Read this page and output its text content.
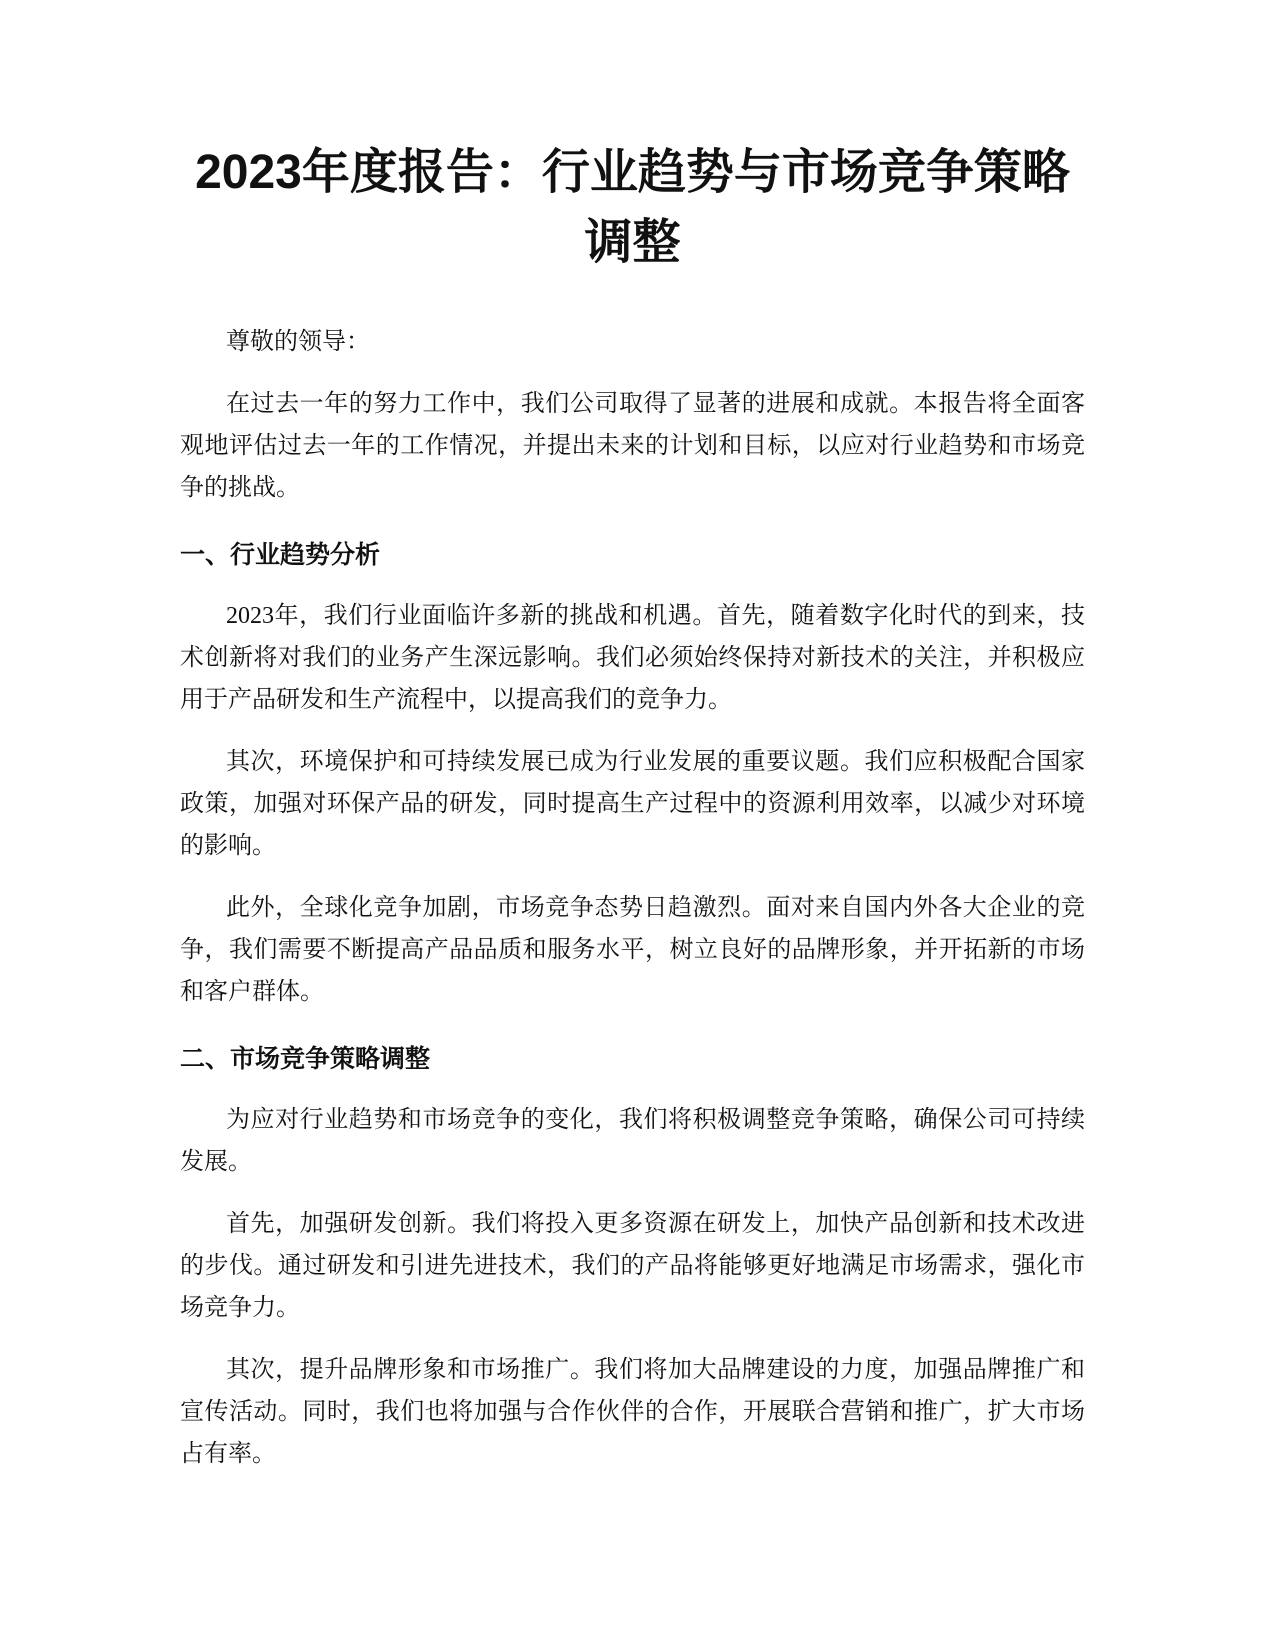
2023年度报告：行业趋势与市场竞争策略调整

尊敬的领导：

在过去一年的努力工作中，我们公司取得了显著的进展和成就。本报告将全面客观地评估过去一年的工作情况，并提出未来的计划和目标，以应对行业趋势和市场竞争的挑战。

一、行业趋势分析

2023年，我们行业面临许多新的挑战和机遇。首先，随着数字化时代的到来，技术创新将对我们的业务产生深远影响。我们必须始终保持对新技术的关注，并积极应用于产品研发和生产流程中，以提高我们的竞争力。

其次，环境保护和可持续发展已成为行业发展的重要议题。我们应积极配合国家政策，加强对环保产品的研发，同时提高生产过程中的资源利用效率，以减少对环境的影响。

此外，全球化竞争加剧，市场竞争态势日趋激烈。面对来自国内外各大企业的竞争，我们需要不断提高产品品质和服务水平，树立良好的品牌形象，并开拓新的市场和客户群体。

二、市场竞争策略调整

为应对行业趋势和市场竞争的变化，我们将积极调整竞争策略，确保公司可持续发展。

首先，加强研发创新。我们将投入更多资源在研发上，加快产品创新和技术改进的步伐。通过研发和引进先进技术，我们的产品将能够更好地满足市场需求，强化市场竞争力。

其次，提升品牌形象和市场推广。我们将加大品牌建设的力度，加强品牌推广和宣传活动。同时，我们也将加强与合作伙伴的合作，开展联合营销和推广，扩大市场占有率。
